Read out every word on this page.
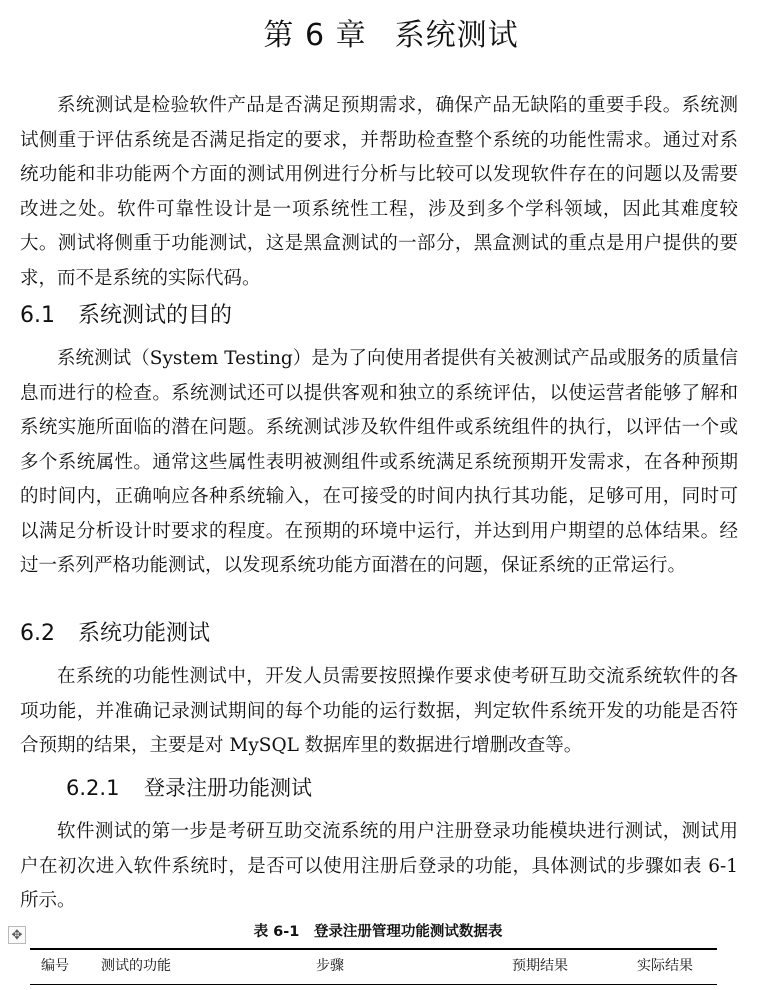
第 6 章 系统测试

系统测试是检验软件产品是否满足预期需求，确保产品无缺陷的重要手段。系统测试侧重于评估系统是否满足指定的要求，并帮助检查整个系统的功能性需求。通过对系统功能和非功能两个方面的测试用例进行分析与比较可以发现软件存在的问题以及需要改进之处。软件可靠性设计是一项系统性工程，涉及到多个学科领域，因此其难度较大。测试将侧重于功能测试，这是黑盒测试的一部分，黑盒测试的重点是用户提供的要求，而不是系统的实际代码。

6.1 系统测试的目的

系统测试（System Testing）是为了向使用者提供有关被测试产品或服务的质量信息而进行的检查。系统测试还可以提供客观和独立的系统评估，以使运营者能够了解和系统实施所面临的潜在问题。系统测试涉及软件组件或系统组件的执行，以评估一个或多个系统属性。通常这些属性表明被测组件或系统满足系统预期开发需求，在各种预期的时间内，正确响应各种系统输入，在可接受的时间内执行其功能，足够可用，同时可以满足分析设计时要求的程度。在预期的环境中运行，并达到用户期望的总体结果。经过一系列严格功能测试，以发现系统功能方面潜在的问题，保证系统的正常运行。

6.2 系统功能测试

在系统的功能性测试中，开发人员需要按照操作要求使考研互助交流系统软件的各项功能，并准确记录测试期间的每个功能的运行数据，判定软件系统开发的功能是否符合预期的结果，主要是对 MySQL 数据库里的数据进行增删改查等。

6.2.1 登录注册功能测试

软件测试的第一步是考研互助交流系统的用户注册登录功能模块进行测试，测试用户在初次进入软件系统时，是否可以使用注册后登录的功能，具体测试的步骤如表 6-1 所示。

✥	表 6-1　登录注册管理功能测试数据表

编号 测试的功能	步骤	预期结果	实际结果
